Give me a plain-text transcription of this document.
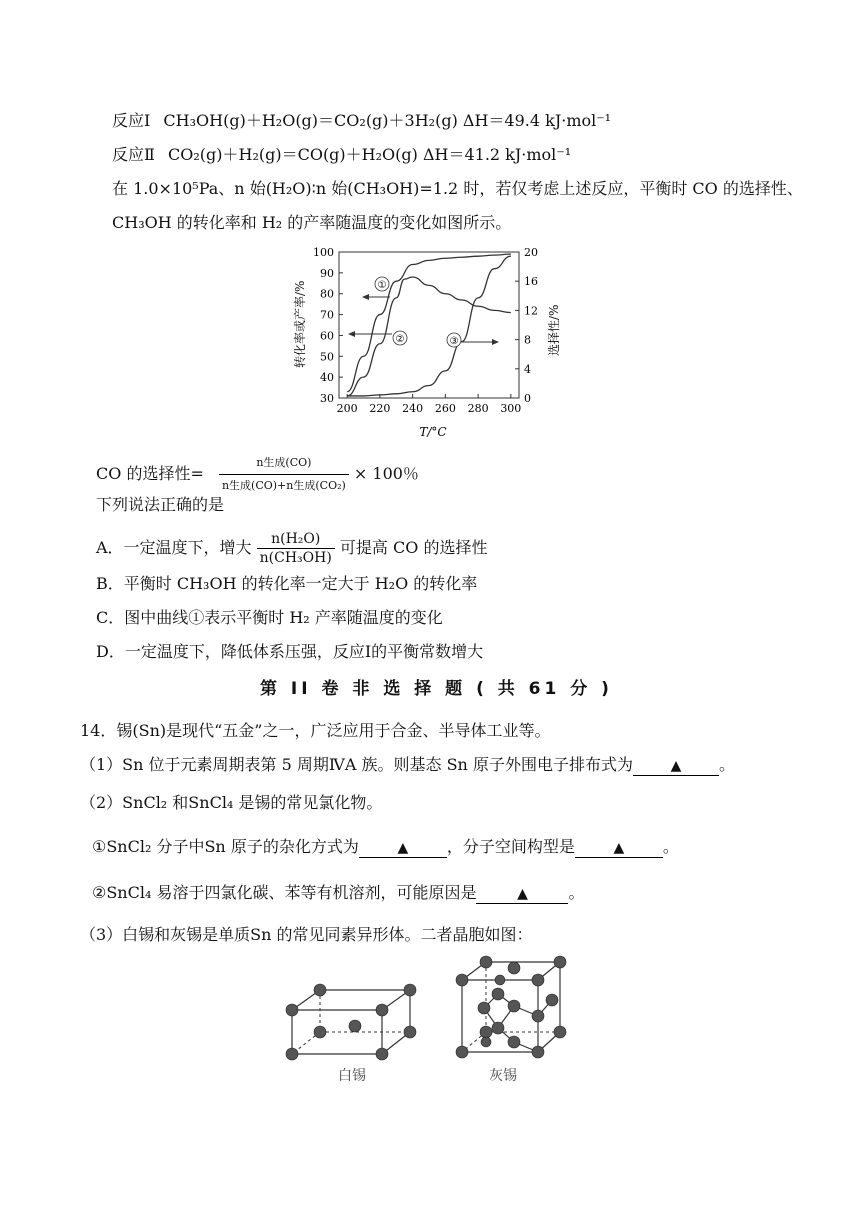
反应Ⅰ CH₃OH(g)＋H₂O(g)＝CO₂(g)＋3H₂(g) ΔH＝49.4 kJ·mol⁻¹
反应Ⅱ CO₂(g)＋H₂(g)＝CO(g)＋H₂O(g) ΔH＝41.2 kJ·mol⁻¹
在 1.0×10⁵Pa、n 始(H₂O)∶n 始(CH₃OH)=1.2 时，若仅考虑上述反应，平衡时 CO 的选择性、
CH₃OH 的转化率和 H₂ 的产率随温度的变化如图所示。
200 220 240 260 280 300
30
40
50
60
70
80
90
100
0
4
8
12
16
20
①
②	③
转化率或产率/%	选择性/%
T/°C
CO 的选择性= $\frac{\text{n生成(CO)}}{\text{n生成(CO)+n生成(CO₂)}} \times 100$％
下列说法正确的是
A．一定温度下，增大 $\frac{\text{n(H₂O)}}{\text{n(CH₃OH)}}$ 可提高 CO 的选择性
B．平衡时 CH₃OH 的转化率一定大于 H₂O 的转化率
C．图中曲线①表示平衡时 H₂ 产率随温度的变化
D．一定温度下，降低体系压强，反应Ⅰ的平衡常数增大
第 II 卷 非 选 择 题 ( 共 61 分 )
14．锡(Sn)是现代“五金”之一，广泛应用于合金、半导体工业等。
（1）Sn 位于元素周期表第 5 周期ⅣA 族。则基态 Sn 原子外围电子排布式为	▲ 。
（2）SnCl₂ 和SnCl₄ 是锡的常见氯化物。
①SnCl₂ 分子中Sn 原子的杂化方式为	▲ ，分子空间构型是	▲ 。
②SnCl₄ 易溶于四氯化碳、苯等有机溶剂，可能原因是	▲	。
（3）白锡和灰锡是单质Sn 的常见同素异形体。二者晶胞如图：
白锡	灰锡
